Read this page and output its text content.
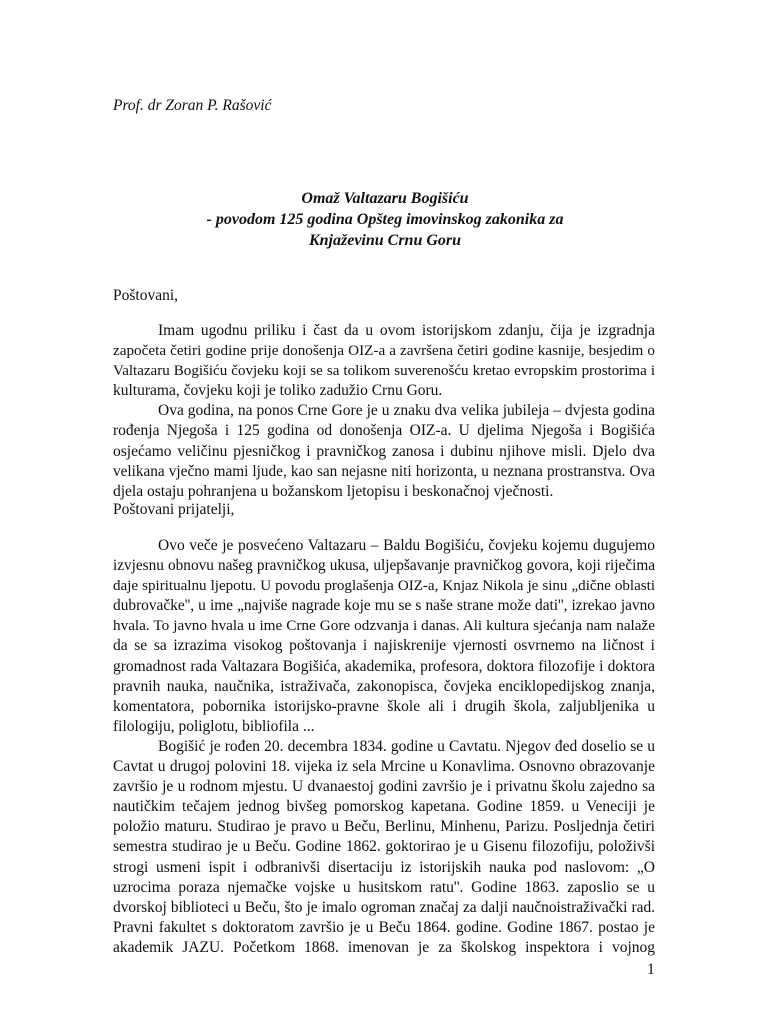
Prof. dr Zoran P. Rašović
Omaž Valtazaru Bogišiću
- povodom 125 godina Opšteg imovinskog zakonika za
Knjaževinu Crnu Goru
Poštovani,
Imam ugodnu priliku i čast da u ovom istorijskom zdanju, čija je izgradnja
započeta četiri godine prije donošenja OIZ-a a završena četiri godine kasnije, besjedim o
Valtazaru Bogišiću čovjeku koji se sa tolikom suverenošću kretao evropskim prostorima i
kulturama, čovjeku koji je toliko zadužio Crnu Goru.
Ova godina, na ponos Crne Gore je u znaku dva velika jubileja – dvjesta godina
rođenja Njegoša i 125 godina od donošenja OIZ-a. U djelima Njegoša i Bogišića
osjećamo veličinu pjesničkog i pravničkog zanosa i dubinu njihove misli. Djelo dva
velikana vječno mami ljude, kao san nejasne niti horizonta, u neznana prostranstva. Ova
djela ostaju pohranjena u božanskom ljetopisu i beskonačnoj vječnosti.
Poštovani prijatelji,
Ovo veče je posvećeno Valtazaru – Baldu Bogišiću, čovjeku kojemu dugujemo
izvjesnu obnovu našeg pravničkog ukusa, uljepšavanje pravničkog govora, koji riječima
daje spiritualnu ljepotu. U povodu proglašenja OIZ-a, Knjaz Nikola je sinu „dične oblasti
dubrovačke'', u ime „najviše nagrade koje mu se s naše strane može dati'', izrekao javno
hvala. To javno hvala u ime Crne Gore odzvanja i danas. Ali kultura sjećanja nam nalaže
da se sa izrazima visokog poštovanja i najiskrenije vjernosti osvrnemo na ličnost i
gromadnost rada Valtazara Bogišića, akademika, profesora, doktora filozofije i doktora
pravnih nauka, naučnika, istraživača, zakonopisca, čovjeka enciklopedijskog znanja,
komentatora, pobornika istorijsko-pravne škole ali i drugih škola, zaljubljenika u
filologiju, poliglotu, bibliofila ...
Bogišić je rođen 20. decembra 1834. godine u Cavtatu. Njegov đed doselio se u
Cavtat u drugoj polovini 18. vijeka iz sela Mrcine u Konavlima. Osnovno obrazovanje
završio je u rodnom mjestu. U dvanaestoj godini završio je i privatnu školu zajedno sa
nautičkim tečajem jednog bivšeg pomorskog kapetana. Godine 1859. u Veneciji je
položio maturu. Studirao je pravo u Beču, Berlinu, Minhenu, Parizu. Posljednja četiri
semestra studirao je u Beču. Godine 1862. goktorirao je u Gisenu filozofiju, položivši
strogi usmeni ispit i odbranivši disertaciju iz istorijskih nauka pod naslovom: „O
uzrocima poraza njemačke vojske u husitskom ratu''. Godine 1863. zaposlio se u
dvorskoj biblioteci u Beču, što je imalo ogroman značaj za dalji naučnoistraživački rad.
Pravni fakultet s doktoratom završio je u Beču 1864. godine. Godine 1867. postao je
akademik JAZU. Početkom 1868. imenovan je za školskog inspektora i vojnog
1
